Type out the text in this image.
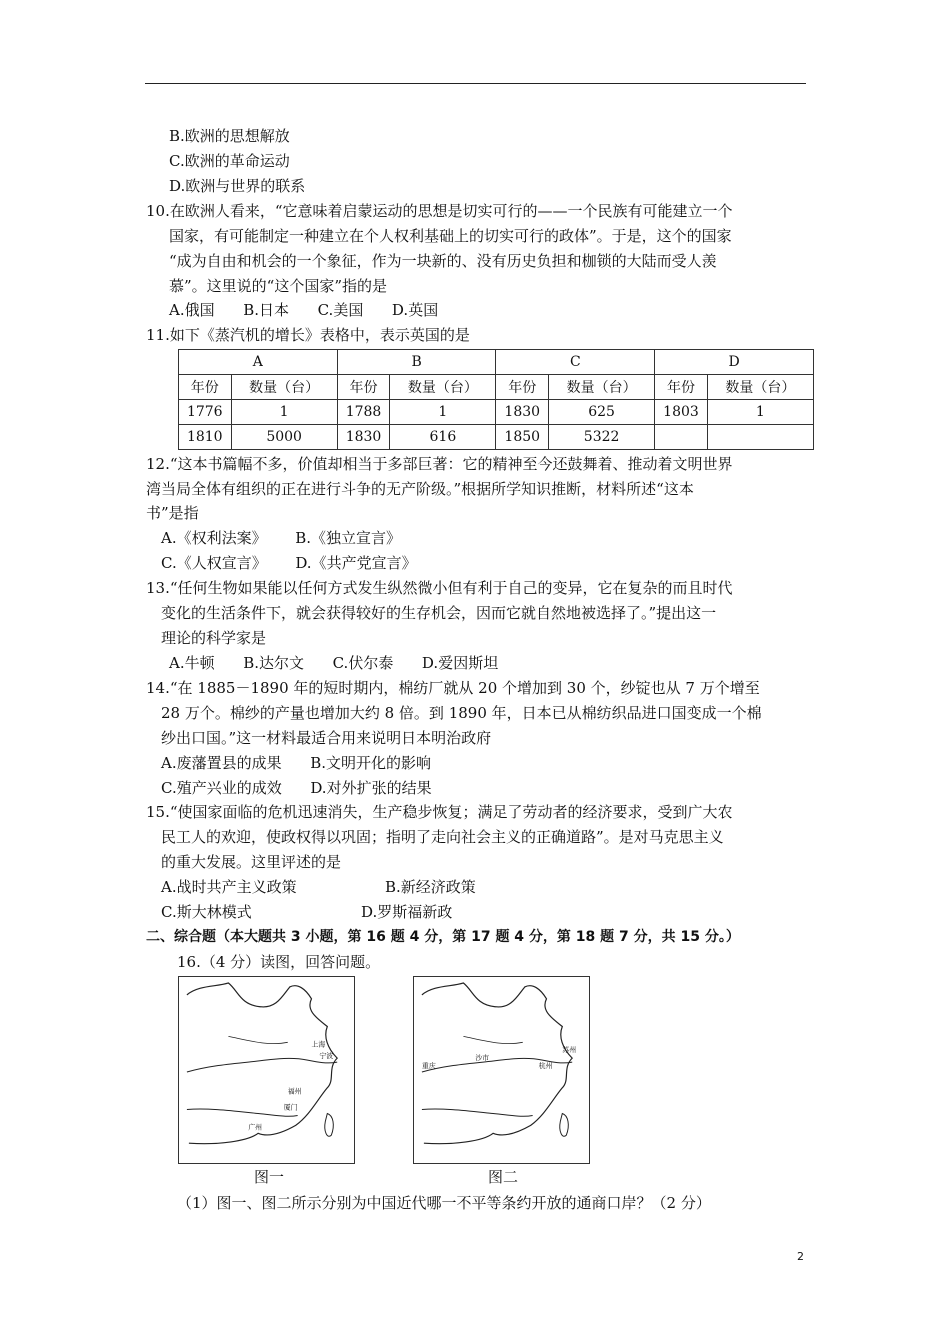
B.欧洲的思想解放
C.欧洲的革命运动
D.欧洲与世界的联系
10.在欧洲人看来，“它意味着启蒙运动的思想是切实可行的——一个民族有可能建立一个
国家，有可能制定一种建立在个人权利基础上的切实可行的政体”。于是，这个的国家
“成为自由和机会的一个象征，作为一块新的、没有历史负担和枷锁的大陆而受人羡
慕”。这里说的“这个国家”指的是
A.俄国      B.日本      C.美国      D.英国
11.如下《蒸汽机的增长》表格中，表示英国的是
A		B		C		D	
年份	数量（台）	年份	数量（台）	年份	数量（台）	年份	数量（台）
1776	1	1788	1	1830	625	1803	1
1810	5000	1830	616	1850	5322		
12.“这本书篇幅不多，价值却相当于多部巨著：它的精神至今还鼓舞着、推动着文明世界
湾当局全体有组织的正在进行斗争的无产阶级。”根据所学知识推断，材料所述“这本
书”是指
A.《权利法案》      B.《独立宣言》
C.《人权宣言》      D.《共产党宣言》
13.“任何生物如果能以任何方式发生纵然微小但有利于自己的变异，它在复杂的而且时代
变化的生活条件下，就会获得较好的生存机会，因而它就自然地被选择了。”提出这一
理论的科学家是
A.牛顿      B.达尔文      C.伏尔泰      D.爱因斯坦
14.“在 1885－1890 年的短时期内，棉纺厂就从 20 个增加到 30 个，纱锭也从 7 万个增至
28 万个。棉纱的产量也增加大约 8 倍。到 1890 年，日本已从棉纺织品进口国变成一个棉
纱出口国。”这一材料最适合用来说明日本明治政府
A.废藩置县的成果      B.文明开化的影响
C.殖产兴业的成效      D.对外扩张的结果
15.“使国家面临的危机迅速消失，生产稳步恢复；满足了劳动者的经济要求，受到广大农
民工人的欢迎，使政权得以巩固；指明了走向社会主义的正确道路”。是对马克思主义
的重大发展。这里评述的是
A.战时共产主义政策	B.新经济政策
C.斯大林模式	D.罗斯福新政
二、综合题（本大题共 3 小题，第 16 题 4 分，第 17 题 4 分，第 18 题 7 分，共 15 分。）
16.（4 分）读图，回答问题。
上海
宁波
福州
厦门
广州
图一
重庆
沙市
苏州
杭州
图二
（1）图一、图二所示分别为中国近代哪一不平等条约开放的通商口岸？（2 分）
2
